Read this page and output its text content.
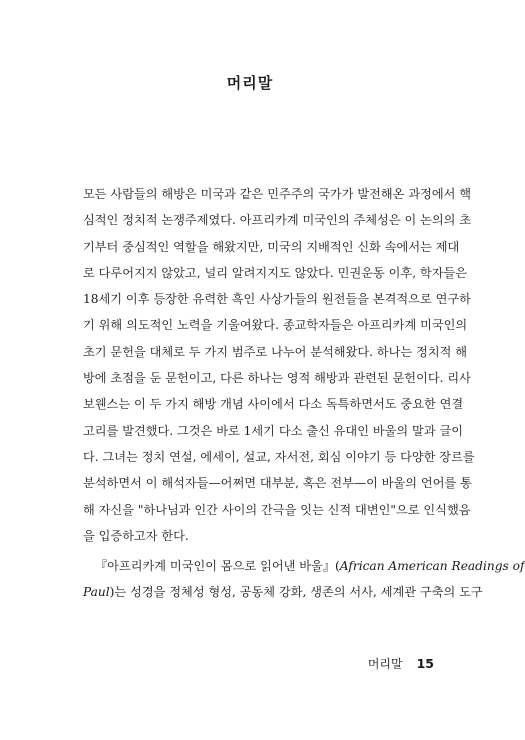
머리말
모든 사람들의 해방은 미국과 같은 민주주의 국가가 발전해온 과정에서 핵
심적인 정치적 논쟁주제였다. 아프리카계 미국인의 주체성은 이 논의의 초
기부터 중심적인 역할을 해왔지만, 미국의 지배적인 신화 속에서는 제대
로 다루어지지 않았고, 널리 알려지지도 않았다. 민권운동 이후, 학자들은
18세기 이후 등장한 유력한 흑인 사상가들의 원전들을 본격적으로 연구하
기 위해 의도적인 노력을 기울여왔다. 종교학자들은 아프리카계 미국인의
초기 문헌을 대체로 두 가지 범주로 나누어 분석해왔다. 하나는 정치적 해
방에 초점을 둔 문헌이고, 다른 하나는 영적 해방과 관련된 문헌이다. 리사
보웬스는 이 두 가지 해방 개념 사이에서 다소 독특하면서도 중요한 연결
고리를 발견했다. 그것은 바로 1세기 다소 출신 유대인 바울의 말과 글이
다. 그녀는 정치 연설, 에세이, 설교, 자서전, 회심 이야기 등 다양한 장르를
분석하면서 이 해석자들—어쩌면 대부분, 혹은 전부—이 바울의 언어를 통
해 자신을 "하나님과 인간 사이의 간극을 잇는 신적 대변인"으로 인식했음
을 입증하고자 한다.
『아프리카계 미국인이 몸으로 읽어낸 바울』(African American Readings of
Paul)는 성경을 정체성 형성, 공동체 강화, 생존의 서사, 세계관 구축의 도구
머리말 15
